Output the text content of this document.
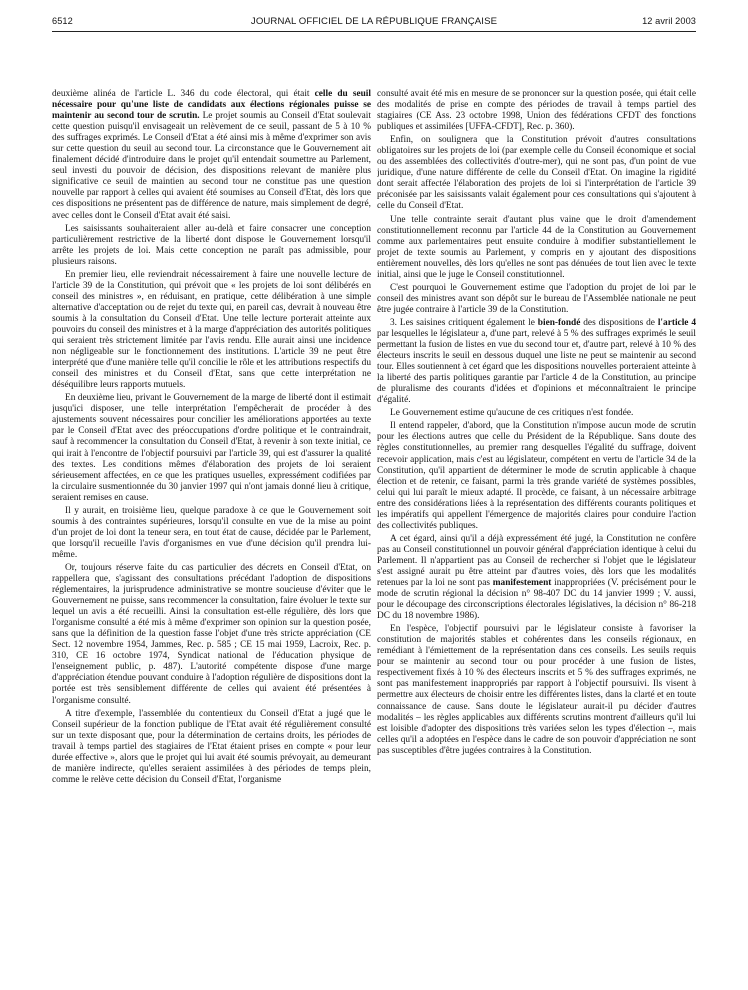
6512	JOURNAL OFFICIEL DE LA RÉPUBLIQUE FRANÇAISE	12 avril 2003

deuxième alinéa de l'article L. 346 du code électoral, qui était celle du seuil nécessaire pour qu'une liste de candidats aux élections régionales puisse se maintenir au second tour de scrutin. Le projet soumis au Conseil d'Etat soulevait cette question puisqu'il envisageait un relèvement de ce seuil, passant de 5 à 10 % des suffrages exprimés. Le Conseil d'Etat a été ainsi mis à même d'exprimer son avis sur cette question du seuil au second tour. La circonstance que le Gouvernement ait finalement décidé d'introduire dans le projet qu'il entendait soumettre au Parlement, seul investi du pouvoir de décision, des dispositions relevant de manière plus significative ce seuil de maintien au second tour ne constitue pas une question nouvelle par rapport à celles qui avaient été soumises au Conseil d'Etat, dès lors que ces dispositions ne présentent pas de différence de nature, mais simplement de degré, avec celles dont le Conseil d'Etat avait été saisi.

Les saisissants souhaiteraient aller au-delà et faire consacrer une conception particulièrement restrictive de la liberté dont dispose le Gouvernement lorsqu'il arrête les projets de loi. Mais cette conception ne paraît pas admissible, pour plusieurs raisons.

En premier lieu, elle reviendrait nécessairement à faire une nouvelle lecture de l'article 39 de la Constitution, qui prévoit que « les projets de loi sont délibérés en conseil des ministres », en réduisant, en pratique, cette délibération à une simple alternative d'acceptation ou de rejet du texte qui, en pareil cas, devrait à nouveau être soumis à la consultation du Conseil d'Etat. Une telle lecture porterait atteinte aux pouvoirs du conseil des ministres et à la marge d'appréciation des autorités politiques qui seraient très strictement limitée par l'avis rendu. Elle aurait ainsi une incidence non négligeable sur le fonctionnement des institutions. L'article 39 ne peut être interprété que d'une manière telle qu'il concilie le rôle et les attributions respectifs du conseil des ministres et du Conseil d'Etat, sans que cette interprétation ne déséquilibre leurs rapports mutuels.

En deuxième lieu, privant le Gouvernement de la marge de liberté dont il estimait jusqu'ici disposer, une telle interprétation l'empêcherait de procéder à des ajustements souvent nécessaires pour concilier les améliorations apportées au texte par le Conseil d'Etat avec des préoccupations d'ordre politique et le contraindrait, sauf à recommencer la consultation du Conseil d'Etat, à revenir à son texte initial, ce qui irait à l'encontre de l'objectif poursuivi par l'article 39, qui est d'assurer la qualité des textes. Les conditions mêmes d'élaboration des projets de loi seraient sérieusement affectées, en ce que les pratiques usuelles, expressément codifiées par la circulaire susmentionnée du 30 janvier 1997 qui n'ont jamais donné lieu à critique, seraient remises en cause.

Il y aurait, en troisième lieu, quelque paradoxe à ce que le Gouvernement soit soumis à des contraintes supérieures, lorsqu'il consulte en vue de la mise au point d'un projet de loi dont la teneur sera, en tout état de cause, décidée par le Parlement, que lorsqu'il recueille l'avis d'organismes en vue d'une décision qu'il prendra lui-même.

Or, toujours réserve faite du cas particulier des décrets en Conseil d'Etat, on rappellera que, s'agissant des consultations précédant l'adoption de dispositions réglementaires, la jurisprudence administrative se montre soucieuse d'éviter que le Gouvernement ne puisse, sans recommencer la consultation, faire évoluer le texte sur lequel un avis a été recueilli. Ainsi la consultation est-elle régulière, dès lors que l'organisme consulté a été mis à même d'exprimer son opinion sur la question posée, sans que la définition de la question fasse l'objet d'une très stricte appréciation (CE Sect. 12 novembre 1954, Jammes, Rec. p. 585 ; CE 15 mai 1959, Lacroix, Rec. p. 310, CE 16 octobre 1974, Syndicat national de l'éducation physique de l'enseignement public, p. 487). L'autorité compétente dispose d'une marge d'appréciation étendue pouvant conduire à l'adoption régulière de dispositions dont la portée est très sensiblement différente de celles qui avaient été présentées à l'organisme consulté.

A titre d'exemple, l'assemblée du contentieux du Conseil d'Etat a jugé que le Conseil supérieur de la fonction publique de l'Etat avait été régulièrement consulté sur un texte disposant que, pour la détermination de certains droits, les périodes de travail à temps partiel des stagiaires de l'Etat étaient prises en compte « pour leur durée effective », alors que le projet qui lui avait été soumis prévoyait, au demeurant de manière indirecte, qu'elles seraient assimilées à des périodes de temps plein, comme le relève cette décision du Conseil d'Etat, l'organisme

consulté avait été mis en mesure de se prononcer sur la question posée, qui était celle des modalités de prise en compte des périodes de travail à temps partiel des stagiaires (CE Ass. 23 octobre 1998, Union des fédérations CFDT des fonctions publiques et assimilées [UFFA-CFDT], Rec. p. 360).

Enfin, on soulignera que la Constitution prévoit d'autres consultations obligatoires sur les projets de loi (par exemple celle du Conseil économique et social ou des assemblées des collectivités d'outre-mer), qui ne sont pas, d'un point de vue juridique, d'une nature différente de celle du Conseil d'Etat. On imagine la rigidité dont serait affectée l'élaboration des projets de loi si l'interprétation de l'article 39 préconisée par les saisissants valait également pour ces consultations qui s'ajoutent à celle du Conseil d'Etat.

Une telle contrainte serait d'autant plus vaine que le droit d'amendement constitutionnellement reconnu par l'article 44 de la Constitution au Gouvernement comme aux parlementaires peut ensuite conduire à modifier substantiellement le projet de texte soumis au Parlement, y compris en y ajoutant des dispositions entièrement nouvelles, dès lors qu'elles ne sont pas dénuées de tout lien avec le texte initial, ainsi que le juge le Conseil constitutionnel.

C'est pourquoi le Gouvernement estime que l'adoption du projet de loi par le conseil des ministres avant son dépôt sur le bureau de l'Assemblée nationale ne peut être jugée contraire à l'article 39 de la Constitution.

3. Les saisines critiquent également le bien-fondé des dispositions de l'article 4 par lesquelles le législateur a, d'une part, relevé à 5 % des suffrages exprimés le seuil permettant la fusion de listes en vue du second tour et, d'autre part, relevé à 10 % des électeurs inscrits le seuil en dessous duquel une liste ne peut se maintenir au second tour. Elles soutiennent à cet égard que les dispositions nouvelles porteraient atteinte à la liberté des partis politiques garantie par l'article 4 de la Constitution, au principe de pluralisme des courants d'idées et d'opinions et méconnaîtraient le principe d'égalité.

Le Gouvernement estime qu'aucune de ces critiques n'est fondée.

Il entend rappeler, d'abord, que la Constitution n'impose aucun mode de scrutin pour les élections autres que celle du Président de la République. Sans doute des règles constitutionnelles, au premier rang desquelles l'égalité du suffrage, doivent recevoir application, mais c'est au législateur, compétent en vertu de l'article 34 de la Constitution, qu'il appartient de déterminer le mode de scrutin applicable à chaque élection et de retenir, ce faisant, parmi la très grande variété de systèmes possibles, celui qui lui paraît le mieux adapté. Il procède, ce faisant, à un nécessaire arbitrage entre des considérations liées à la représentation des différents courants politiques et les impératifs qui appellent l'émergence de majorités claires pour conduire l'action des collectivités publiques.

A cet égard, ainsi qu'il a déjà expressément été jugé, la Constitution ne confère pas au Conseil constitutionnel un pouvoir général d'appréciation identique à celui du Parlement. Il n'appartient pas au Conseil de rechercher si l'objet que le législateur s'est assigné aurait pu être atteint par d'autres voies, dès lors que les modalités retenues par la loi ne sont pas manifestement inappropriées (V. précisément pour le mode de scrutin régional la décision n° 98-407 DC du 14 janvier 1999 ; V. aussi, pour le découpage des circonscriptions électorales législatives, la décision n° 86-218 DC du 18 novembre 1986).

En l'espèce, l'objectif poursuivi par le législateur consiste à favoriser la constitution de majorités stables et cohérentes dans les conseils régionaux, en remédiant à l'émiettement de la représentation dans ces conseils. Les seuils requis pour se maintenir au second tour ou pour procéder à une fusion de listes, respectivement fixés à 10 % des électeurs inscrits et 5 % des suffrages exprimés, ne sont pas manifestement inappropriés par rapport à l'objectif poursuivi. Ils visent à permettre aux électeurs de choisir entre les différentes listes, dans la clarté et en toute connaissance de cause. Sans doute le législateur aurait-il pu décider d'autres modalités – les règles applicables aux différents scrutins montrent d'ailleurs qu'il lui est loisible d'adopter des dispositions très variées selon les types d'élection –, mais celles qu'il a adoptées en l'espèce dans le cadre de son pouvoir d'appréciation ne sont pas susceptibles d'être jugées contraires à la Constitution.
